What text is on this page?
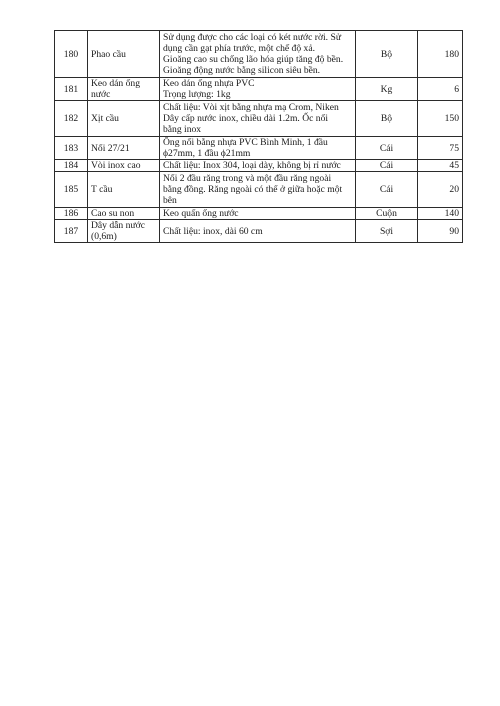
180	Phao cầu	Sử dụng được cho các loại có két nước rời. Sử
dụng cần gạt phía trước, một chế độ xả.
Gioăng cao su chống lão hóa giúp tăng độ bền.
Gioăng động nước bằng silicon siêu bền.	Bộ	180
181	Keo dán ống
nước	Keo dán ống nhựa PVC
Trọng lượng: 1kg	Kg	6
182	Xịt cầu	Chất liệu: Vòi xịt bằng nhựa mạ Crom, Niken
Dây cấp nước inox, chiều dài 1.2m. Ốc nối
bằng inox	Bộ	150
183	Nối 27/21	Ống nối bằng nhựa PVC Bình Minh, 1 đầu
ϕ27mm, 1 đầu ϕ21mm	Cái	75
184	Vòi inox cao	Chất liệu: Inox 304, loại dày, không bị rỉ nước	Cái	45
185	T cầu	Nối 2 đầu răng trong và một đầu răng ngoài
bằng đồng. Răng ngoài có thể ở giữa hoặc một
bên	Cái	20
186	Cao su non	Keo quấn ống nước	Cuộn	140
187	Dây dẫn nước
(0,6m)	Chất liệu: inox, dài 60 cm	Sợi	90
